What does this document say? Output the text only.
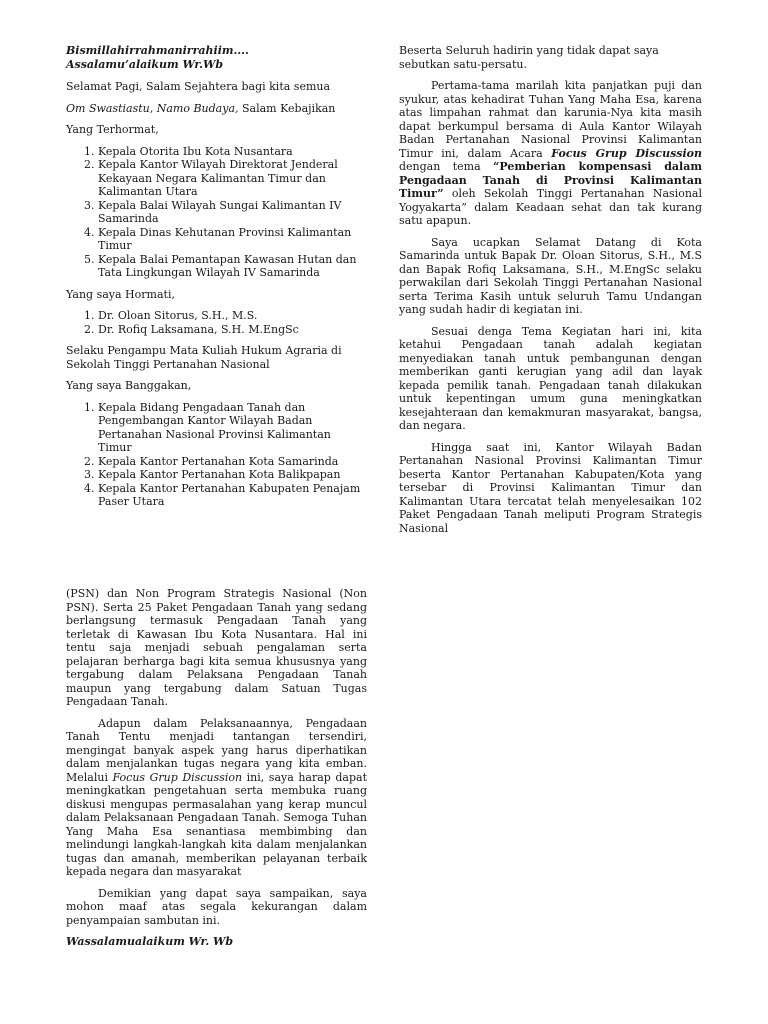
Bismillahirrahmanirrahiim....

Assalamu’alaikum Wr.Wb

Selamat Pagi, Salam Sejahtera bagi kita semua

Om Swastiastu, Namo Budaya, Salam Kebajikan

Yang Terhormat,

1. Kepala Otorita Ibu Kota Nusantara
2. Kepala Kantor Wilayah Direktorat Jenderal Kekayaan Negara Kalimantan Timur dan Kalimantan Utara
3. Kepala Balai Wilayah Sungai Kalimantan IV Samarinda
4. Kepala Dinas Kehutanan Provinsi Kalimantan Timur
5. Kepala Balai Pemantapan Kawasan Hutan dan Tata Lingkungan Wilayah IV Samarinda

Yang saya Hormati,

1. Dr. Oloan Sitorus, S.H., M.S.
2. Dr. Rofiq Laksamana, S.H. M.EngSc

Selaku Pengampu Mata Kuliah Hukum Agraria di Sekolah Tinggi Pertanahan Nasional

Yang saya Banggakan,

1. Kepala Bidang Pengadaan Tanah dan Pengembangan Kantor Wilayah Badan Pertanahan Nasional Provinsi Kalimantan Timur
2. Kepala Kantor Pertanahan Kota Samarinda
3. Kepala Kantor Pertanahan Kota Balikpapan
4. Kepala Kantor Pertanahan Kabupaten Penajam Paser Utara

Beserta Seluruh hadirin yang tidak dapat saya sebutkan satu-persatu.

Pertama-tama marilah kita panjatkan puji dan syukur, atas kehadirat Tuhan Yang Maha Esa, karena atas limpahan rahmat dan karunia-Nya kita masih dapat berkumpul bersama di Aula Kantor Wilayah Badan Pertanahan Nasional Provinsi Kalimantan Timur ini, dalam Acara Focus Grup Discussion dengan tema “Pemberian kompensasi dalam Pengadaan Tanah di Provinsi Kalimantan Timur” oleh Sekolah Tinggi Pertanahan Nasional Yogyakarta” dalam Keadaan sehat dan tak kurang satu apapun.

Saya ucapkan Selamat Datang di Kota Samarinda untuk Bapak Dr. Oloan Sitorus, S.H., M.S dan Bapak Rofiq Laksamana, S.H., M.EngSc selaku perwakilan dari Sekolah Tinggi Pertanahan Nasional serta Terima Kasih untuk seluruh Tamu Undangan yang sudah hadir di kegiatan ini.

Sesuai denga Tema Kegiatan hari ini, kita ketahui Pengadaan tanah adalah kegiatan menyediakan tanah untuk pembangunan dengan memberikan ganti kerugian yang adil dan layak kepada pemilik tanah. Pengadaan tanah dilakukan untuk kepentingan umum guna meningkatkan kesejahteraan dan kemakmuran masyarakat, bangsa, dan negara.

Hingga saat ini, Kantor Wilayah Badan Pertanahan Nasional Provinsi Kalimantan Timur beserta Kantor Pertanahan Kabupaten/Kota yang tersebar di Provinsi Kalimantan Timur dan Kalimantan Utara tercatat telah menyelesaikan 102 Paket Pengadaan Tanah meliputi Program Strategis Nasional

(PSN) dan Non Program Strategis Nasional (Non PSN). Serta 25 Paket Pengadaan Tanah yang sedang berlangsung termasuk Pengadaan Tanah yang terletak di Kawasan Ibu Kota Nusantara. Hal ini tentu saja menjadi sebuah pengalaman serta pelajaran berharga bagi kita semua khususnya yang tergabung dalam Pelaksana Pengadaan Tanah maupun yang tergabung dalam Satuan Tugas Pengadaan Tanah.

Adapun dalam Pelaksanaannya, Pengadaan Tanah Tentu menjadi tantangan tersendiri, mengingat banyak aspek yang harus diperhatikan dalam menjalankan tugas negara yang kita emban. Melalui Focus Grup Discussion ini, saya harap dapat meningkatkan pengetahuan serta membuka ruang diskusi mengupas permasalahan yang kerap muncul dalam Pelaksanaan Pengadaan Tanah. Semoga Tuhan Yang Maha Esa senantiasa membimbing dan melindungi langkah-langkah kita dalam menjalankan tugas dan amanah, memberikan pelayanan terbaik kepada negara dan masyarakat

Demikian yang dapat saya sampaikan, saya mohon maaf atas segala kekurangan dalam penyampaian sambutan ini.

Wassalamualaikum Wr. Wb
